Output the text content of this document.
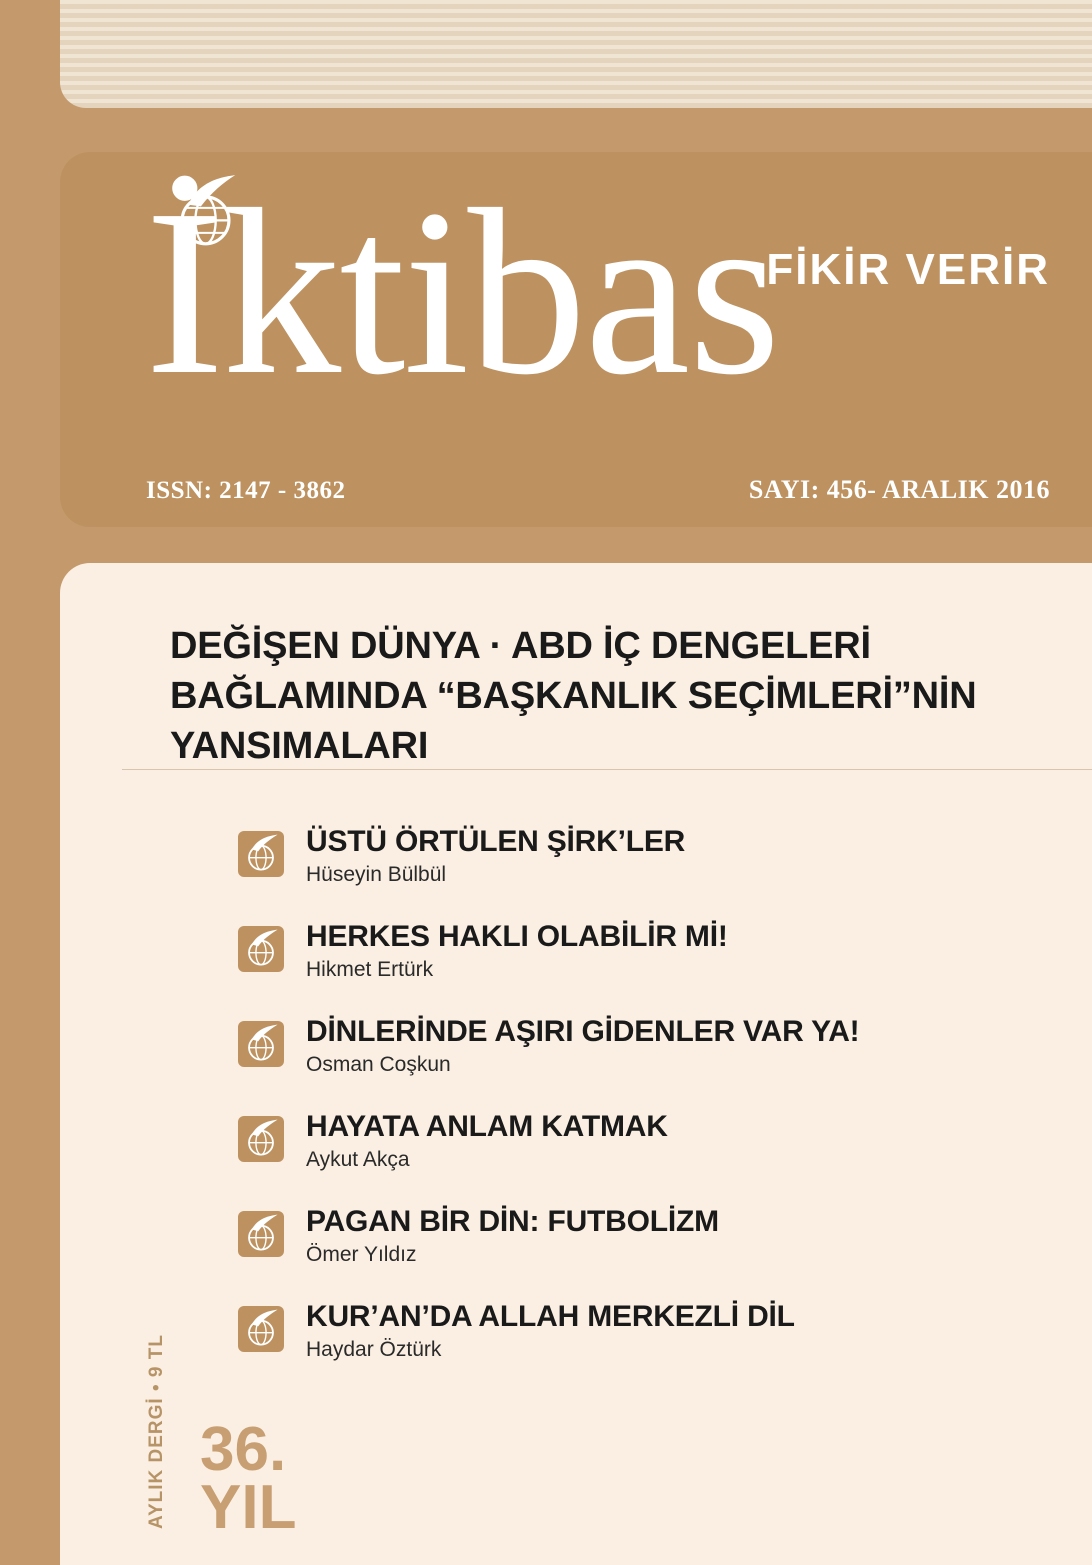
İktibas
FİKİR VERİR
ISSN: 2147 - 3862	SAYI: 456- ARALIK 2016
DEĞİŞEN DÜNYA · ABD İÇ DENGELERİ BAĞLAMINDA “BAŞKANLIK SEÇİMLERİ”NİN YANSIMALARI
ÜSTÜ ÖRTÜLEN ŞİRK’LER
Hüseyin Bülbül
HERKES HAKLI OLABİLİR Mİ!
Hikmet Ertürk
DİNLERİNDE AŞIRI GİDENLER VAR YA!
Osman Coşkun
HAYATA ANLAM KATMAK
Aykut Akça
PAGAN BİR DİN: FUTBOLİZM
Ömer Yıldız
KUR’AN’DA ALLAH MERKEZLİ DİL
Haydar Öztürk
AYLIK DERGİ • 9 TL 36.
YIL
